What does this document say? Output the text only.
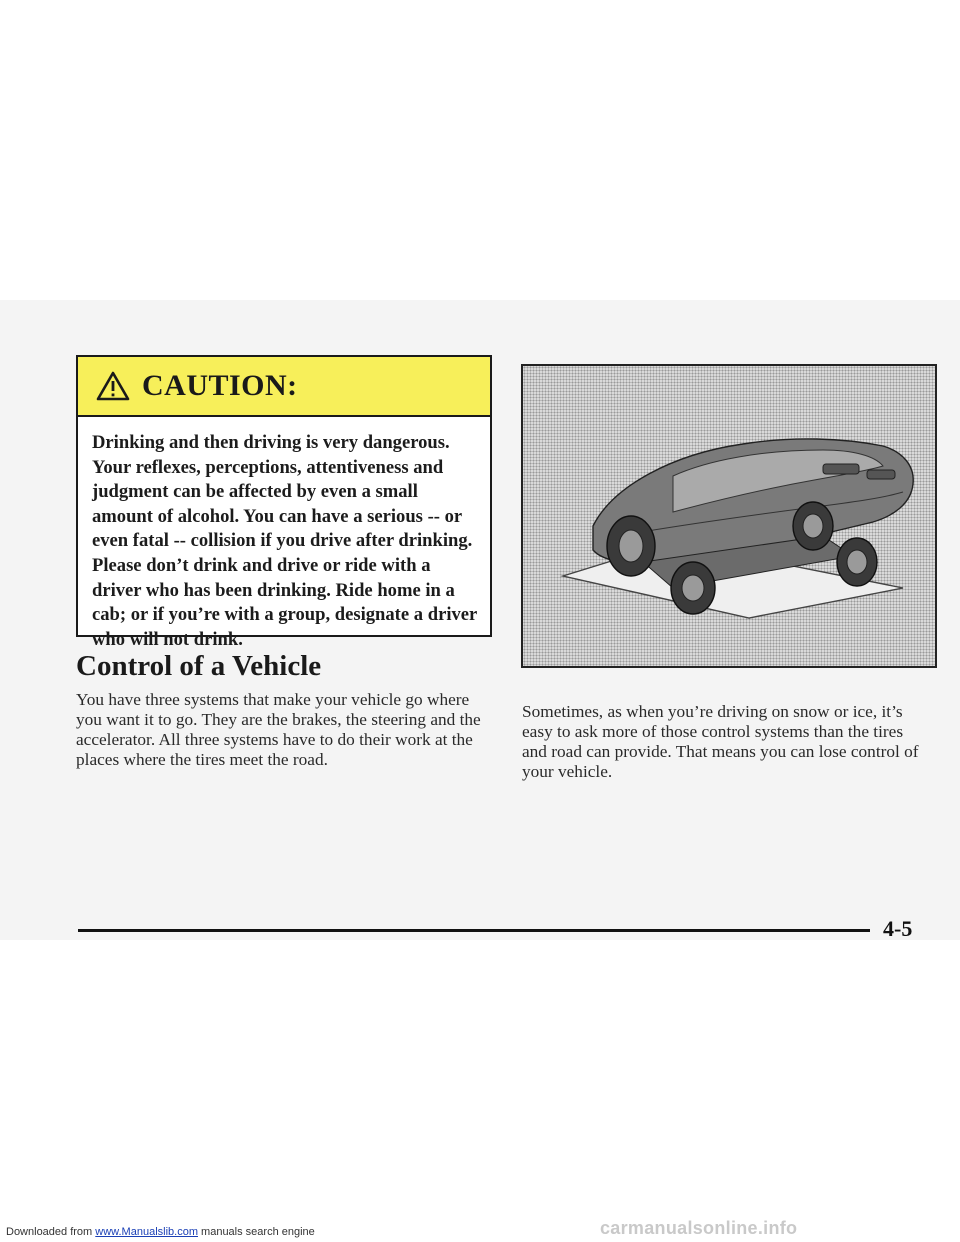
CAUTION:
Drinking and then driving is very dangerous. Your reflexes, perceptions, attentiveness and judgment can be affected by even a small amount of alcohol. You can have a serious -- or even fatal -- collision if you drive after drinking. Please don’t drink and drive or ride with a driver who has been drinking. Ride home in a cab; or if you’re with a group, designate a driver who will not drink.
Control of a Vehicle
You have three systems that make your vehicle go where you want it to go. They are the brakes, the steering and the accelerator. All three systems have to do their work at the places where the tires meet the road.
Sometimes, as when you’re driving on snow or ice, it’s easy to ask more of those control systems than the tires and road can provide. That means you can lose control of your vehicle.
4-5
Downloaded from www.Manualslib.com manuals search engine	carmanualsonline.info
